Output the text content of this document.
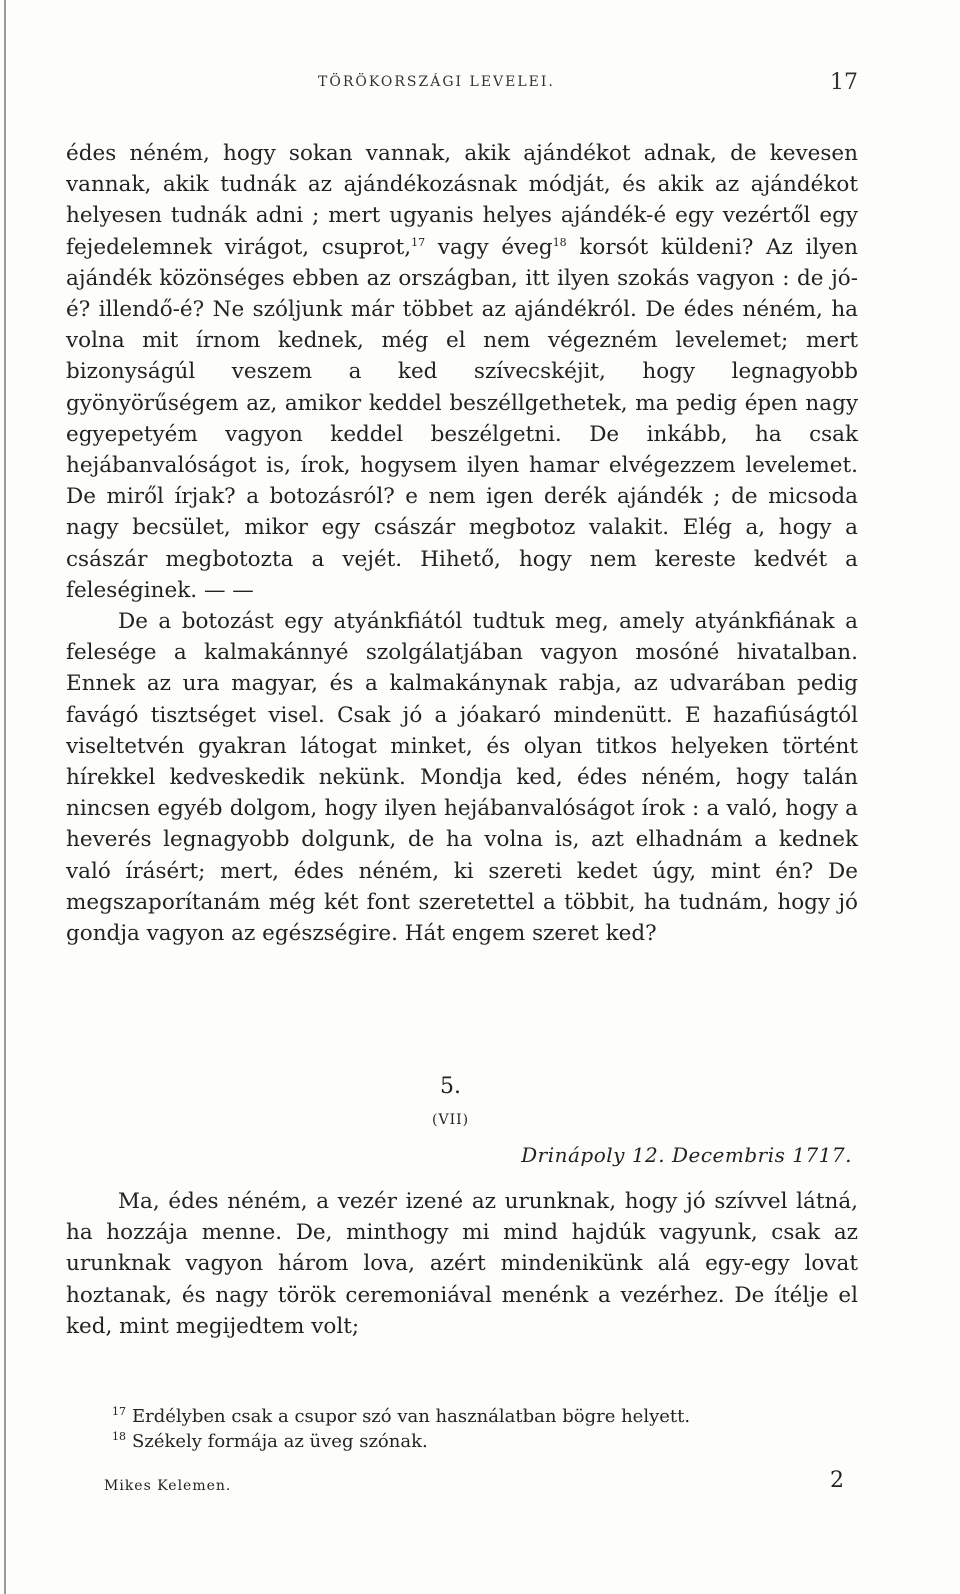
TÖRÖKORSZÁGI LEVELEI.	17

édes néném, hogy sokan vannak, akik ajándékot adnak, de kevesen vannak, akik tudnák az ajándékozásnak módját, és akik az ajándékot helyesen tudnák adni ; mert ugyanis helyes ajándék-é egy vezértől egy fejedelemnek virágot, csuprot,$^{17}$ vagy éveg$^{18}$ korsót küldeni? Az ilyen ajándék közönséges ebben az országban, itt ilyen szokás vagyon : de jó-é? illendő-é? Ne szóljunk már többet az ajándékról. De édes néném, ha volna mit írnom kednek, még el nem végezném levelemet; mert bizonyságúl veszem a ked szívecskéjit, hogy legnagyobb gyönyörűségem az, amikor keddel beszéllgethetek, ma pedig épen nagy egyepetyém vagyon keddel beszélgetni. De inkább, ha csak hejábanvalóságot is, írok, hogysem ilyen hamar elvégezzem levelemet. De miről írjak? a botozásról? e nem igen derék ajándék ; de micsoda nagy becsület, mikor egy császár megbotoz valakit. Elég a, hogy a császár megbotozta a vejét. Hihető, hogy nem kereste kedvét a feleséginek. — —

De a botozást egy atyánkfiától tudtuk meg, amely atyánkfiának a felesége a kalmakánnyé szolgálatjában vagyon mosóné hivatalban. Ennek az ura magyar, és a kalmakánynak rabja, az udvarában pedig favágó tisztséget visel. Csak jó a jóakaró mindenütt. E hazafiúságtól viseltetvén gyakran látogat minket, és olyan titkos helyeken történt hírekkel kedveskedik nekünk. Mondja ked, édes néném, hogy talán nincsen egyéb dolgom, hogy ilyen hejábanvalóságot írok : a való, hogy a heverés legnagyobb dolgunk, de ha volna is, azt elhadnám a kednek való írásért; mert, édes néném, ki szereti kedet úgy, mint én? De megszaporítanám még két font szeretettel a többit, ha tudnám, hogy jó gondja vagyon az egészségire. Hát engem szeret ked?

5.
(VII)
Drinápoly 12. Decembris 1717.

Ma, édes néném, a vezér izené az urunknak, hogy jó szívvel látná, ha hozzája menne. De, minthogy mi mind hajdúk vagyunk, csak az urunknak vagyon három lova, azért mindenikünk alá egy-egy lovat hoztanak, és nagy török ceremoniával menénk a vezérhez. De ítélje el ked, mint megijedtem volt;

$^{17}$ Erdélyben csak a csupor szó van használatban bögre helyett.
$^{18}$ Székely formája az üveg szónak.
Mikes Kelemen.	2
